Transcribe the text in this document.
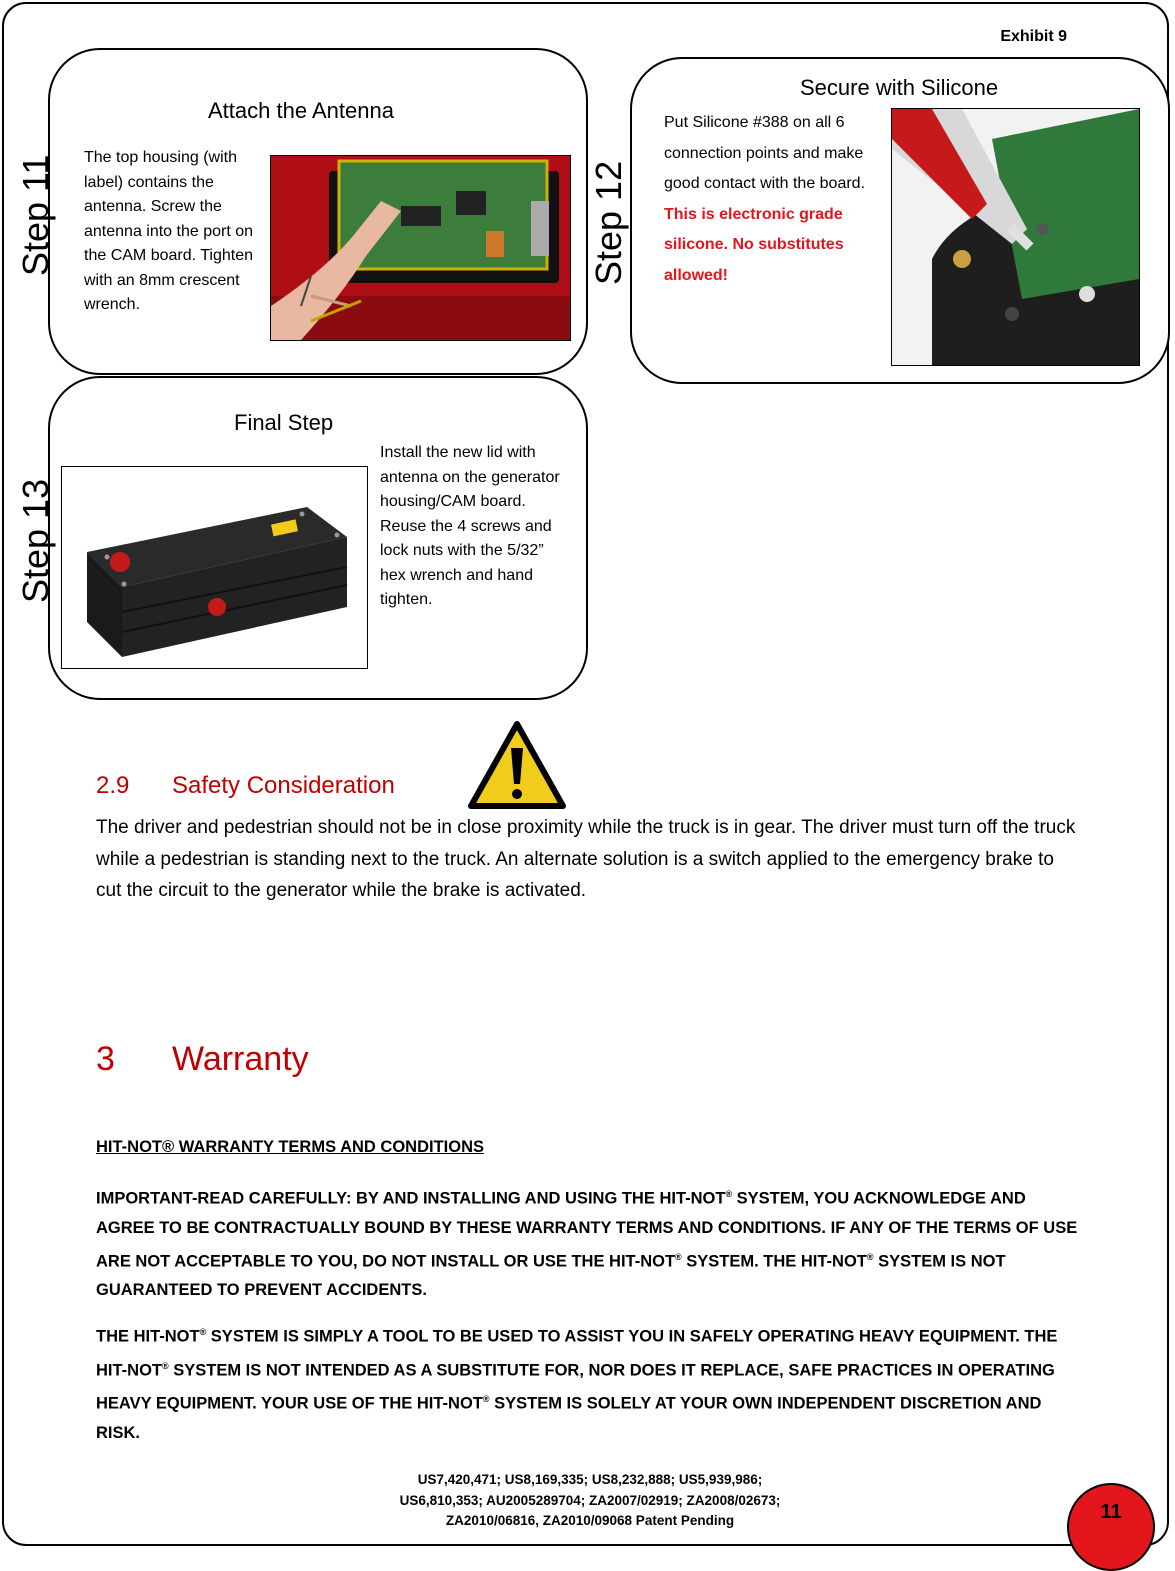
Exhibit 9
Step 11
Attach the Antenna
The top housing (with label) contains the antenna. Screw the antenna into the port on the CAM board. Tighten with an 8mm crescent wrench.
Step 12
Secure with Silicone
Put Silicone #388 on all 6 connection points and make good contact with the board. This is electronic grade silicone. No substitutes allowed!
Step 13
Final Step
Install the new lid with antenna on the generator housing/CAM board. Reuse the 4 screws and lock nuts with the 5/32” hex wrench and hand tighten.
2.9 Safety Consideration
The driver and pedestrian should not be in close proximity while the truck is in gear. The driver must turn off the truck while a pedestrian is standing next to the truck. An alternate solution is a switch applied to the emergency brake to cut the circuit to the generator while the brake is activated.
3 Warranty
HIT-NOT® WARRANTY TERMS AND CONDITIONS
IMPORTANT-READ CAREFULLY: BY AND INSTALLING AND USING THE HIT-NOT® SYSTEM, YOU ACKNOWLEDGE AND AGREE TO BE CONTRACTUALLY BOUND BY THESE WARRANTY TERMS AND CONDITIONS. IF ANY OF THE TERMS OF USE ARE NOT ACCEPTABLE TO YOU, DO NOT INSTALL OR USE THE HIT-NOT® SYSTEM. THE HIT-NOT® SYSTEM IS NOT GUARANTEED TO PREVENT ACCIDENTS.
THE HIT-NOT® SYSTEM IS SIMPLY A TOOL TO BE USED TO ASSIST YOU IN SAFELY OPERATING HEAVY EQUIPMENT. THE HIT-NOT® SYSTEM IS NOT INTENDED AS A SUBSTITUTE FOR, NOR DOES IT REPLACE, SAFE PRACTICES IN OPERATING HEAVY EQUIPMENT. YOUR USE OF THE HIT-NOT® SYSTEM IS SOLELY AT YOUR OWN INDEPENDENT DISCRETION AND RISK.
US7,420,471; US8,169,335; US8,232,888; US5,939,986;
US6,810,353; AU2005289704; ZA2007/02919; ZA2008/02673;
ZA2010/06816, ZA2010/09068 Patent Pending	11
